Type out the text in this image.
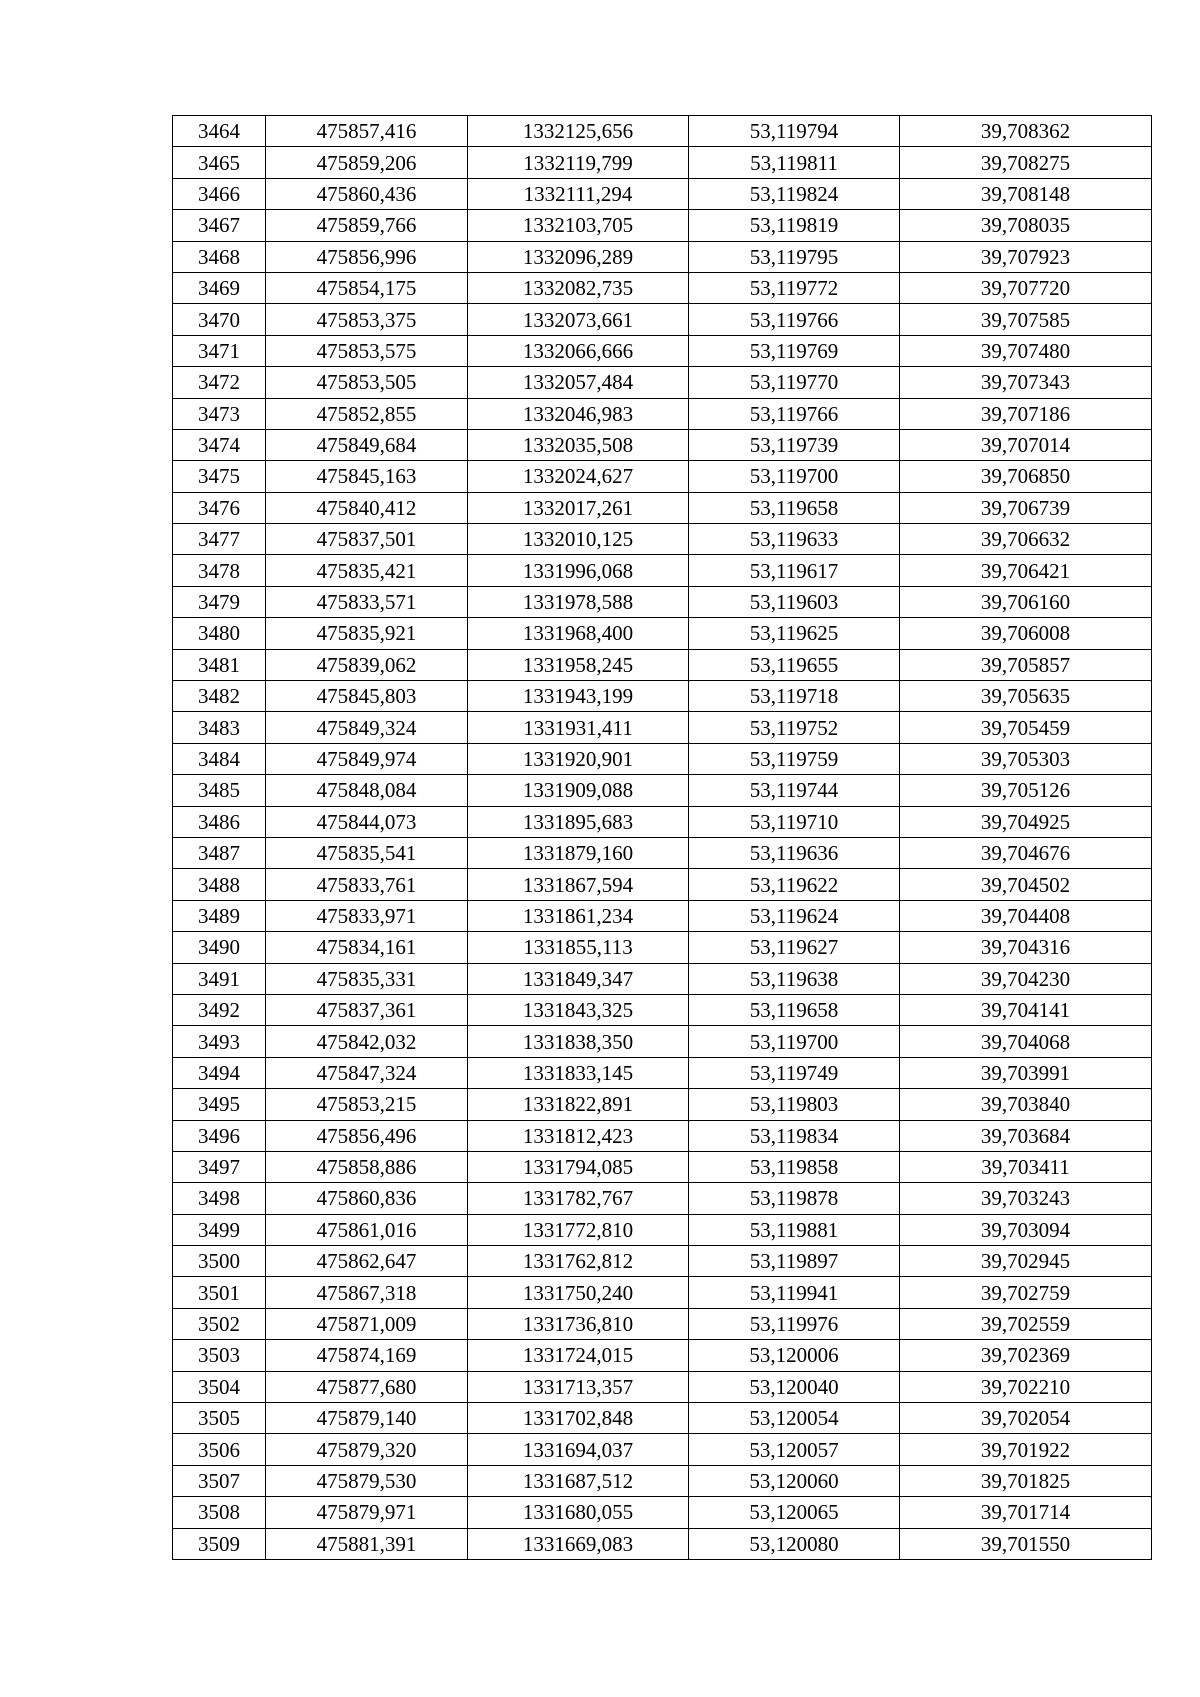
3464	475857,416	1332125,656	53,119794	39,708362
3465	475859,206	1332119,799	53,119811	39,708275
3466	475860,436	1332111,294	53,119824	39,708148
3467	475859,766	1332103,705	53,119819	39,708035
3468	475856,996	1332096,289	53,119795	39,707923
3469	475854,175	1332082,735	53,119772	39,707720
3470	475853,375	1332073,661	53,119766	39,707585
3471	475853,575	1332066,666	53,119769	39,707480
3472	475853,505	1332057,484	53,119770	39,707343
3473	475852,855	1332046,983	53,119766	39,707186
3474	475849,684	1332035,508	53,119739	39,707014
3475	475845,163	1332024,627	53,119700	39,706850
3476	475840,412	1332017,261	53,119658	39,706739
3477	475837,501	1332010,125	53,119633	39,706632
3478	475835,421	1331996,068	53,119617	39,706421
3479	475833,571	1331978,588	53,119603	39,706160
3480	475835,921	1331968,400	53,119625	39,706008
3481	475839,062	1331958,245	53,119655	39,705857
3482	475845,803	1331943,199	53,119718	39,705635
3483	475849,324	1331931,411	53,119752	39,705459
3484	475849,974	1331920,901	53,119759	39,705303
3485	475848,084	1331909,088	53,119744	39,705126
3486	475844,073	1331895,683	53,119710	39,704925
3487	475835,541	1331879,160	53,119636	39,704676
3488	475833,761	1331867,594	53,119622	39,704502
3489	475833,971	1331861,234	53,119624	39,704408
3490	475834,161	1331855,113	53,119627	39,704316
3491	475835,331	1331849,347	53,119638	39,704230
3492	475837,361	1331843,325	53,119658	39,704141
3493	475842,032	1331838,350	53,119700	39,704068
3494	475847,324	1331833,145	53,119749	39,703991
3495	475853,215	1331822,891	53,119803	39,703840
3496	475856,496	1331812,423	53,119834	39,703684
3497	475858,886	1331794,085	53,119858	39,703411
3498	475860,836	1331782,767	53,119878	39,703243
3499	475861,016	1331772,810	53,119881	39,703094
3500	475862,647	1331762,812	53,119897	39,702945
3501	475867,318	1331750,240	53,119941	39,702759
3502	475871,009	1331736,810	53,119976	39,702559
3503	475874,169	1331724,015	53,120006	39,702369
3504	475877,680	1331713,357	53,120040	39,702210
3505	475879,140	1331702,848	53,120054	39,702054
3506	475879,320	1331694,037	53,120057	39,701922
3507	475879,530	1331687,512	53,120060	39,701825
3508	475879,971	1331680,055	53,120065	39,701714
3509	475881,391	1331669,083	53,120080	39,701550
